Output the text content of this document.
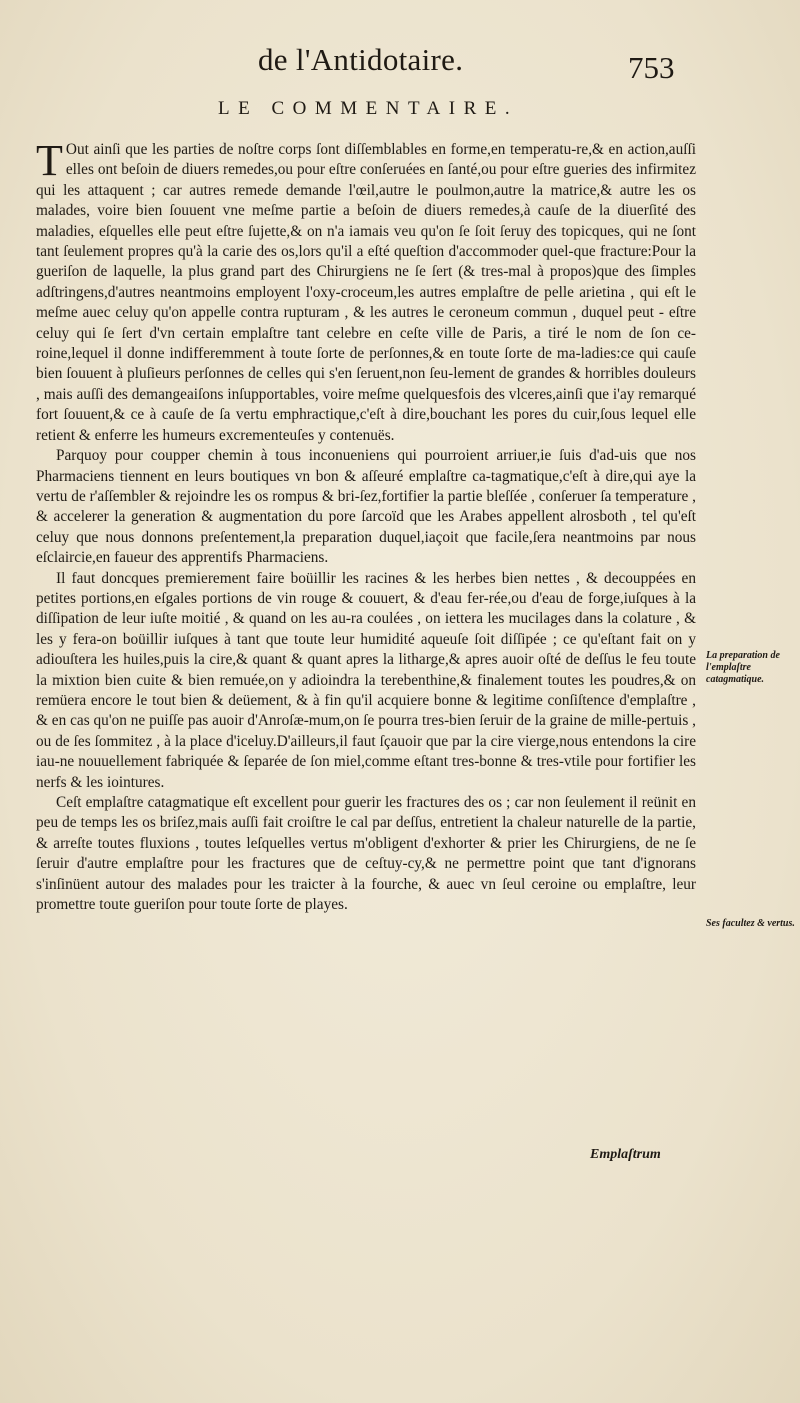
de l'Antidotaire.	753
LE COMMENTAIRE.

T Out ainſi que les parties de noſtre corps ſont diſſemblables en forme,en temperatu-re,& en action,auſſi elles ont beſoin de diuers remedes,ou pour eſtre conſeruées en ſanté,ou pour eſtre gueries des infirmitez qui les attaquent ; car autres remede demande l'œil,autre le poulmon,autre la matrice,& autre les os malades, voire bien ſouuent vne meſme partie a beſoin de diuers remedes,à cauſe de la diuerſité des maladies, eſquelles elle peut eſtre ſujette,& on n'a iamais veu qu'on ſe ſoit ſeruy des topicques, qui ne ſont tant ſeulement propres qu'à la carie des os,lors qu'il a eſté queſtion d'accommoder quel-que fracture:Pour la gueriſon de laquelle, la plus grand part des Chirurgiens ne ſe ſert (& tres-mal à propos)que des ſimples adſtringens,d'autres neantmoins employent l'oxy-croceum,les autres emplaſtre de pelle arietina , qui eſt le meſme auec celuy qu'on appelle contra rupturam , & les autres le ceroneum commun , duquel peut - eſtre celuy qui ſe ſert d'vn certain emplaſtre tant celebre en ceſte ville de Paris, a tiré le nom de ſon ce-roine,lequel il donne indifferemment à toute ſorte de perſonnes,& en toute ſorte de ma-ladies:ce qui cauſe bien ſouuent à pluſieurs perſonnes de celles qui s'en ſeruent,non ſeu-lement de grandes & horribles douleurs , mais auſſi des demangeaiſons inſupportables, voire meſme quelquesfois des vlceres,ainſi que i'ay remarqué fort ſouuent,& ce à cauſe de ſa vertu emphractique,c'eſt à dire,bouchant les pores du cuir,ſous lequel elle retient & enferre les humeurs excrementeuſes y contenuës.

Parquoy pour coupper chemin à tous inconueniens qui pourroient arriuer,ie ſuis d'ad-uis que nos Pharmaciens tiennent en leurs boutiques vn bon & aſſeuré emplaſtre ca-tagmatique,c'eſt à dire,qui aye la vertu de r'aſſembler & rejoindre les os rompus & bri-ſez,fortifier la partie bleſſée , conſeruer ſa temperature , & accelerer la generation & augmentation du pore ſarcoïd que les Arabes appellent alrosboth , tel qu'eſt celuy que nous donnons preſentement,la preparation duquel,iaçoit que facile,ſera neantmoins par nous eſclaircie,en faueur des apprentifs Pharmaciens.

Il faut doncques premierement faire boüillir les racines & les herbes bien nettes , & decouppées en petites portions,en eſgales portions de vin rouge & couuert, & d'eau fer-rée,ou d'eau de forge,iuſques à la diſſipation de leur iuſte moitié , & quand on les au-ra coulées , on iettera les mucilages dans la colature , & les y fera-on boüillir iuſques à tant que toute leur humidité aqueuſe ſoit diſſipée ; ce qu'eſtant fait on y adiouſtera les huiles,puis la cire,& quant & quant apres la litharge,& apres auoir oſté de deſſus le feu toute la mixtion bien cuite & bien remuée,on y adioindra la terebenthine,& finalement toutes les poudres,& on remüera encore le tout bien & deüement, & à fin qu'il acquiere bonne & legitime conſiſtence d'emplaſtre , & en cas qu'on ne puiſſe pas auoir d'Anroſæ-mum,on ſe pourra tres-bien ſeruir de la graine de mille-pertuis , ou de ſes ſommitez , à la place d'iceluy.D'ailleurs,il faut ſçauoir que par la cire vierge,nous entendons la cire iau-ne nouuellement fabriquée & ſeparée de ſon miel,comme eſtant tres-bonne & tres-vtile pour fortifier les nerfs & les iointures.

Ceſt emplaſtre catagmatique eſt excellent pour guerir les fractures des os ; car non ſeulement il reünit en peu de temps les os briſez,mais auſſi fait croiſtre le cal par deſſus, entretient la chaleur naturelle de la partie, & arreſte toutes fluxions , toutes leſquelles vertus m'obligent d'exhorter & prier les Chirurgiens, de ne ſe ſeruir d'autre emplaſtre pour les fractures que de ceſtuy-cy,& ne permettre point que tant d'ignorans s'inſinüent autour des malades pour les traicter à la fourche, & auec vn ſeul ceroine ou emplaſtre, leur promettre toute gueriſon pour toute ſorte de playes.

La preparation de l'emplaſtre catagmatique.
Ses facultez & vertus.
Emplaſtrum
